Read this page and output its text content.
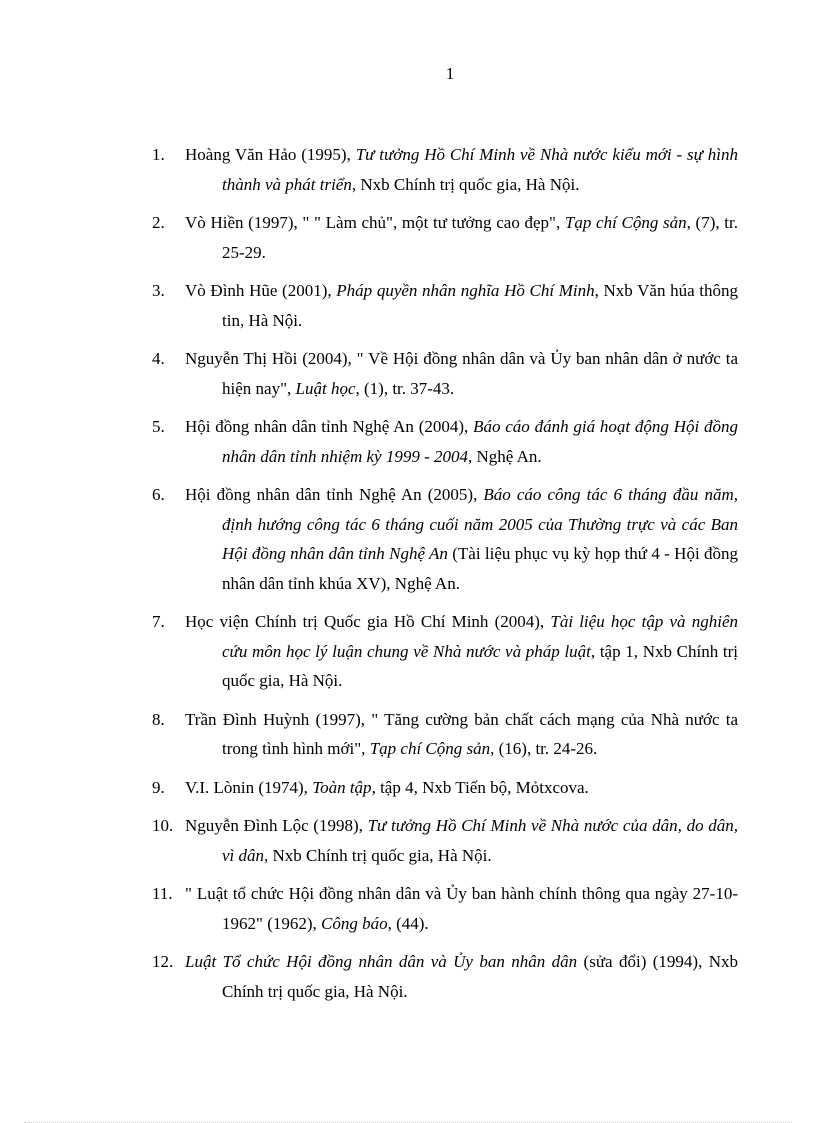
1
1. Hoàng Văn Hảo (1995), Tư tưởng Hồ Chí Minh về Nhà nước kiểu mới - sự hình thành và phát triển, Nxb Chính trị quốc gia, Hà Nội.
2. Vò Hiền (1997), " " Làm chủ", một tư tưởng cao đẹp", Tạp chí Cộng sản, (7), tr. 25-29.
3. Vò Đình Hũe (2001), Pháp quyền nhân nghĩa Hồ Chí Minh, Nxb Văn húa thông tin, Hà Nội.
4. Nguyễn Thị Hồi (2004), " Về Hội đồng nhân dân và Ủy ban nhân dân ở nước ta hiện nay", Luật học, (1), tr. 37-43.
5. Hội đồng nhân dân tỉnh Nghệ An (2004), Báo cáo đánh giá hoạt động Hội đồng nhân dân tỉnh nhiệm kỳ 1999 - 2004, Nghệ An.
6. Hội đồng nhân dân tỉnh Nghệ An (2005), Báo cáo công tác 6 tháng đầu năm, định hướng công tác 6 tháng cuối năm 2005 của Thường trực và các Ban Hội đồng nhân dân tỉnh Nghệ An (Tài liệu phục vụ kỳ họp thứ 4 - Hội đồng nhân dân tỉnh khúa XV), Nghệ An.
7. Học viện Chính trị Quốc gia Hồ Chí Minh (2004), Tài liệu học tập và nghiên cứu môn học lý luận chung về Nhà nước và pháp luật, tập 1, Nxb Chính trị quốc gia, Hà Nội.
8. Trần Đình Huỳnh (1997), " Tăng cường bản chất cách mạng của Nhà nước ta trong tình hình mới", Tạp chí Cộng sản, (16), tr. 24-26.
9. V.I. Lònin (1974), Toàn tập, tập 4, Nxb Tiến bộ, Mỏtxcova.
10. Nguyễn Đình Lộc (1998), Tư tưởng Hồ Chí Minh về Nhà nước của dân, do dân, vì dân, Nxb Chính trị quốc gia, Hà Nội.
11. " Luật tổ chức Hội đồng nhân dân và Ủy ban hành chính thông qua ngày 27-10-1962" (1962), Công báo, (44).
12. Luật Tổ chức Hội đồng nhân dân và Ủy ban nhân dân (sửa đổi) (1994), Nxb Chính trị quốc gia, Hà Nội.
